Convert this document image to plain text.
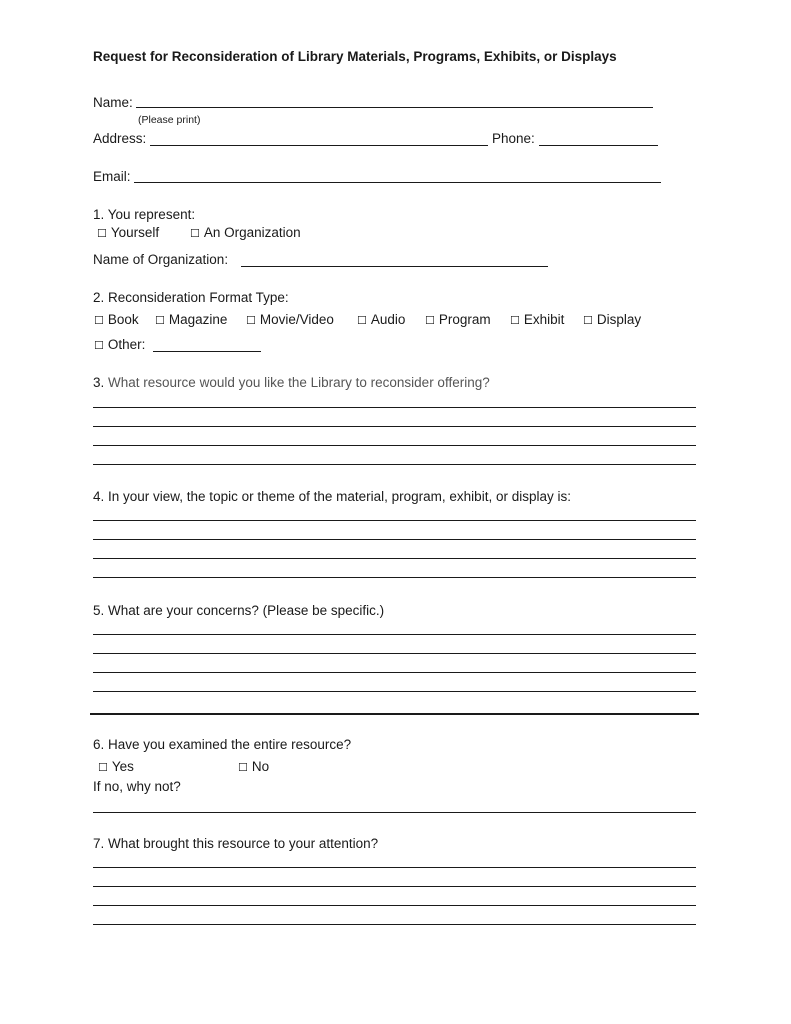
Request for Reconsideration of Library Materials, Programs, Exhibits, or Displays
Name:
(Please print)
Address:	Phone:
Email:
1. You represent:
☐ Yourself	☐ An Organization
Name of Organization:
2. Reconsideration Format Type:
☐ Book ☐ Magazine ☐ Movie/Video ☐ Audio ☐ Program ☐ Exhibit ☐ Display
☐ Other:
3. What resource would you like the Library to reconsider offering?
4. In your view, the topic or theme of the material, program, exhibit, or display is:
5. What are your concerns? (Please be specific.)
6. Have you examined the entire resource?
☐ Yes	☐ No
If no, why not?
7. What brought this resource to your attention?
